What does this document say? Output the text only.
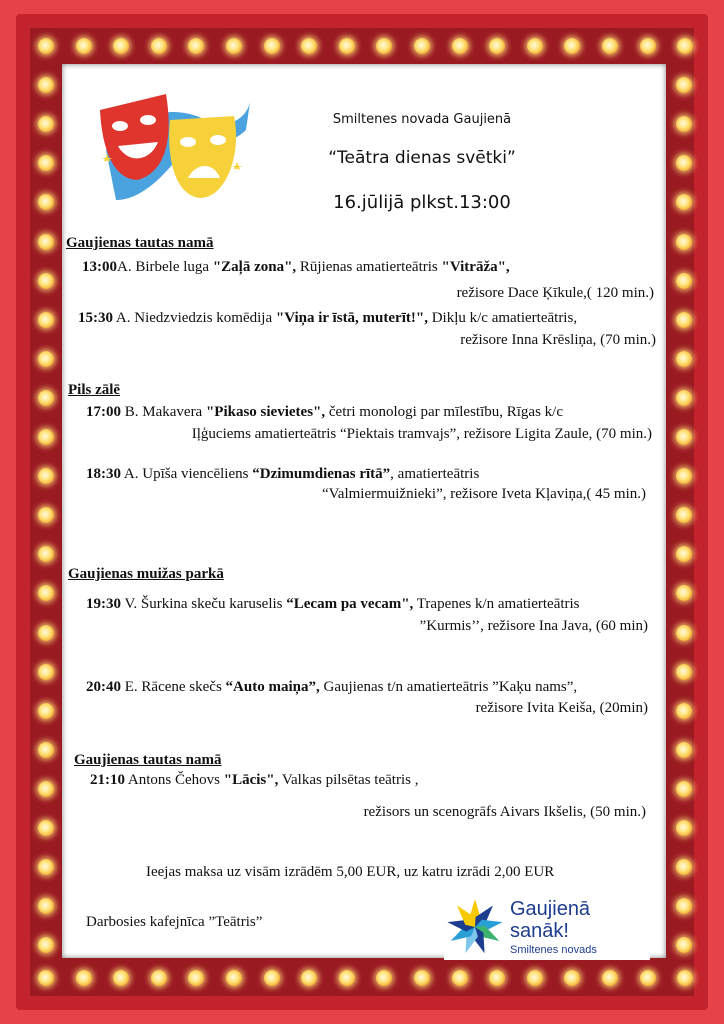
Smiltenes novada Gaujienā
“Teātra dienas svētki”
16.jūlijā plkst.13:00
Gaujienas tautas namā
13:00A. Birbele luga "Zaļā zona", Rūjienas amatierteātris "Vitrāža",
režisore Dace Ķīkule,( 120 min.)
15:30 A. Niedzviedzis komēdija "Viņa ir īstā, muterīt!", Dikļu k/c amatierteātris,
režisore Inna Krēsliņa, (70 min.)
Pils zālē
17:00 B. Makavera "Pikaso sievietes", četri monologi par mīlestību, Rīgas k/c
Iļģuciems amatierteātris “Piektais tramvajs”, režisore Ligita Zaule, (70 min.)
18:30 A. Upīša viencēliens “Dzimumdienas rītā”, amatierteātris
“Valmiermuižnieki”, režisore Iveta Kļaviņa,( 45 min.)
Gaujienas muižas parkā
19:30 V. Šurkina skeču karuselis “Lecam pa vecam", Trapenes k/n amatierteātris
”Kurmis’’, režisore Ina Java, (60 min)
20:40 E. Rācene skečs “Auto maiņa”, Gaujienas t/n amatierteātris ”Kaķu nams”,
režisore Ivita Keiša, (20min)
Gaujienas tautas namā
21:10 Antons Čehovs "Lācis", Valkas pilsētas teātris ,
režisors un scenogrāfs Aivars Ikšelis, (50 min.)
Ieejas maksa uz visām izrādēm 5,00 EUR, uz katru izrādi 2,00 EUR
Darbosies kafejnīca ”Teātris”
Gaujienā
sanāk!
Smiltenes novads
